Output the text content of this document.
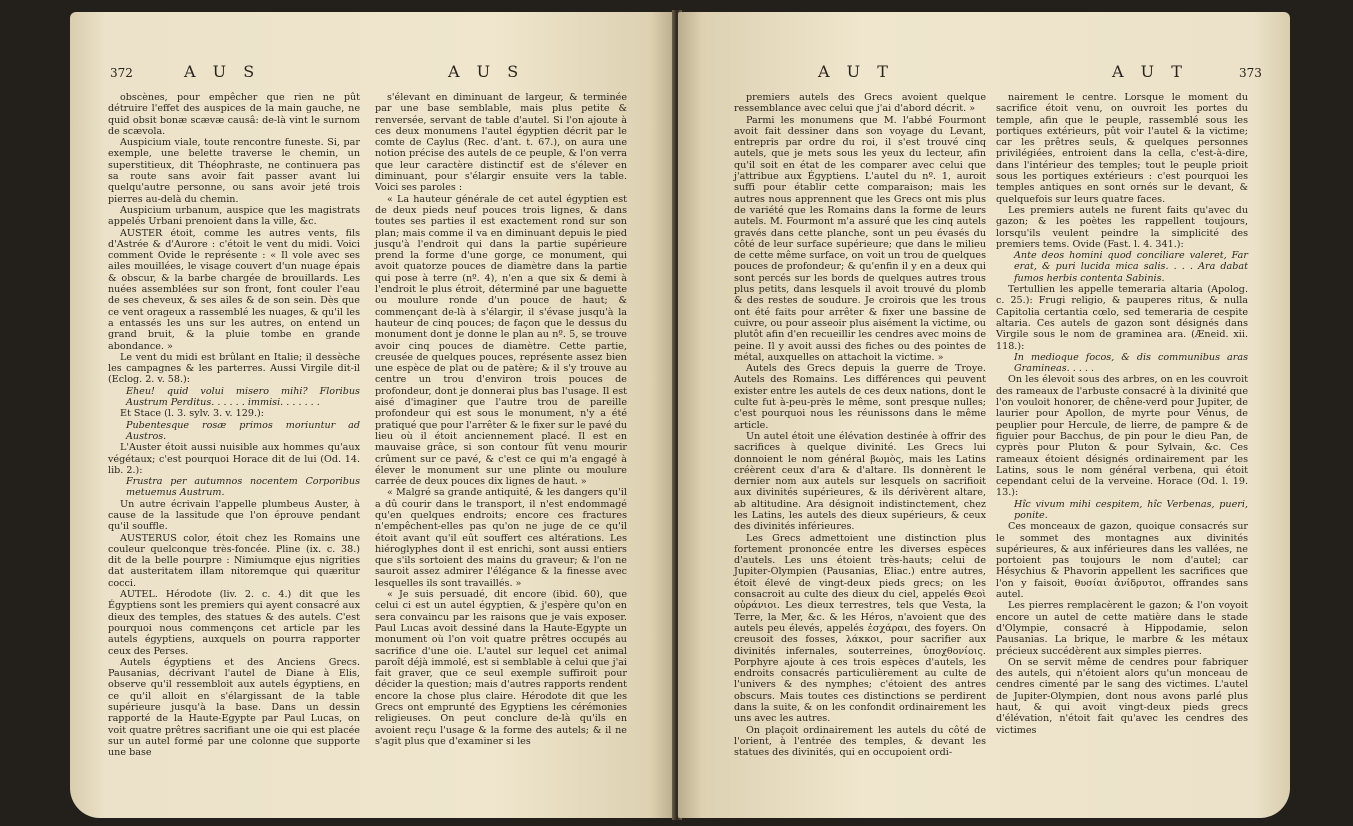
372	A U S	A U S

obscènes, pour empêcher que rien ne pût détruire l'effet des auspices de la main gauche, ne quid obsit bonæ scævæ causâ: de-là vint le surnom de scævola.

Auspicium viale, toute rencontre funeste. Si, par exemple, une belette traverse le chemin, un superstitieux, dit Théophraste, ne continuera pas sa route sans avoir fait passer avant lui quelqu'autre personne, ou sans avoir jeté trois pierres au-delà du chemin.

Auspicium urbanum, auspice que les magistrats appelés Urbani prenoient dans la ville, &c.

AUSTER étoit, comme les autres vents, fils d'Astrée & d'Aurore : c'étoit le vent du midi. Voici comment Ovide le représente : « Il vole avec ses ailes mouillées, le visage couvert d'un nuage épais & obscur, & la barbe chargée de brouillards. Les nuées assemblées sur son front, font couler l'eau de ses cheveux, & ses ailes & de son sein. Dès que ce vent orageux a rassemblé les nuages, & qu'il les a entassés les uns sur les autres, on entend un grand bruit, & la pluie tombe en grande abondance. »

Le vent du midi est brûlant en Italie; il dessèche les campagnes & les parterres. Aussi Virgile dit-il (Eclog. 2. v. 58.):

Eheu! quid volui misero mihi? Floribus Austrum Perditus. . . . . . immisi. . . . . . .

Et Stace (l. 3. sylv. 3. v. 129.):

Pubentesque rosæ primos moriuntur ad Austros.

L'Auster étoit aussi nuisible aux hommes qu'aux végétaux; c'est pourquoi Horace dit de lui (Od. 14. lib. 2.):

Frustra per autumnos nocentem Corporibus metuemus Austrum.

Un autre écrivain l'appelle plumbeus Auster, à cause de la lassitude que l'on éprouve pendant qu'il souffle.

AUSTERUS color, étoit chez les Romains une couleur quelconque très-foncée. Pline (ix. c. 38.) dit de la belle pourpre : Nimiumque ejus nigrities dat austeritatem illam nitoremque qui quæritur cocci.

AUTEL. Hérodote (liv. 2. c. 4.) dit que les Égyptiens sont les premiers qui ayent consacré aux dieux des temples, des statues & des autels. C'est pourquoi nous commençons cet article par les autels égyptiens, auxquels on pourra rapporter ceux des Perses.

Autels égyptiens et des Anciens Grecs. Pausanias, décrivant l'autel de Diane à Elis, observe qu'il ressembloit aux autels égyptiens, en ce qu'il alloit en s'élargissant de la table supérieure jusqu'à la base. Dans un dessin rapporté de la Haute-Egypte par Paul Lucas, on voit quatre prêtres sacrifiant une oie qui est placée sur un autel formé par une colonne que supporte une base

s'élevant en diminuant de largeur, & terminée par une base semblable, mais plus petite & renversée, servant de table d'autel. Si l'on ajoute à ces deux monumens l'autel égyptien décrit par le comte de Caylus (Rec. d'ant. t. 67.), on aura une notion précise des autels de ce peuple, & l'on verra que leur caractère distinctif est de s'élever en diminuant, pour s'élargir ensuite vers la table. Voici ses paroles :

« La hauteur générale de cet autel égyptien est de deux pieds neuf pouces trois lignes, & dans toutes ses parties il est exactement rond sur son plan; mais comme il va en diminuant depuis le pied jusqu'à l'endroit qui dans la partie supérieure prend la forme d'une gorge, ce monument, qui avoit quatorze pouces de diamètre dans la partie qui pose à terre (nº. 4), n'en a que six & demi à l'endroit le plus étroit, déterminé par une baguette ou moulure ronde d'un pouce de haut; & commençant de-là à s'élargir, il s'évase jusqu'à la hauteur de cinq pouces; de façon que le dessus du monument dont je donne le plan au nº. 5, se trouve avoir cinq pouces de diamètre. Cette partie, creusée de quelques pouces, représente assez bien une espèce de plat ou de patère; & il s'y trouve au centre un trou d'environ trois pouces de profondeur, dont je donnerai plus bas l'usage. Il est aisé d'imaginer que l'autre trou de pareille profondeur qui est sous le monument, n'y a été pratiqué que pour l'arrêter & le fixer sur le pavé du lieu où il étoit anciennement placé. Il est en mauvaise grâce, si son contour fût venu mourir crûment sur ce pavé, & c'est ce qui m'a engagé à élever le monument sur une plinte ou moulure carrée de deux pouces dix lignes de haut. »

« Malgré sa grande antiquité, & les dangers qu'il a dû courir dans le transport, il n'est endommagé qu'en quelques endroits; encore ces fractures n'empêchent-elles pas qu'on ne juge de ce qu'il étoit avant qu'il eût souffert ces altérations. Les hiéroglyphes dont il est enrichi, sont aussi entiers que s'ils sortoient des mains du graveur; & l'on ne sauroit assez admirer l'élégance & la finesse avec lesquelles ils sont travaillés. »

« Je suis persuadé, dit encore (ibid. 60), que celui ci est un autel égyptien, & j'espère qu'on en sera convaincu par les raisons que je vais exposer. Paul Lucas avoit dessiné dans la Haute-Egypte un monument où l'on voit quatre prêtres occupés au sacrifice d'une oie. L'autel sur lequel cet animal paroît déjà immolé, est si semblable à celui que j'ai fait graver, que ce seul exemple suffiroit pour décider la question; mais d'autres rapports rendent encore la chose plus claire. Hérodote dit que les Grecs ont emprunté des Egyptiens les cérémonies religieuses. On peut conclure de-là qu'ils en avoient reçu l'usage & la forme des autels; & il ne s'agit plus que d'examiner si les

A U T	A U T	373

premiers autels des Grecs avoient quelque ressemblance avec celui que j'ai d'abord décrit. »

Parmi les monumens que M. l'abbé Fourmont avoit fait dessiner dans son voyage du Levant, entrepris par ordre du roi, il s'est trouvé cinq autels, que je mets sous les yeux du lecteur, afin qu'il soit en état de les comparer avec celui que j'attribue aux Égyptiens. L'autel du nº. 1, auroit suffi pour établir cette comparaison; mais les autres nous apprennent que les Grecs ont mis plus de variété que les Romains dans la forme de leurs autels. M. Fourmont m'a assuré que les cinq autels gravés dans cette planche, sont un peu évasés du côté de leur surface supérieure; que dans le milieu de cette même surface, on voit un trou de quelques pouces de profondeur; & qu'enfin il y en a deux qui sont percés sur les bords de quelques autres trous plus petits, dans lesquels il avoit trouvé du plomb & des restes de soudure. Je croirois que les trous ont été faits pour arrêter & fixer une bassine de cuivre, ou pour asseoir plus aisément la victime, ou plutôt afin d'en recueillir les cendres avec moins de peine. Il y avoit aussi des fiches ou des pointes de métal, auxquelles on attachoit la victime. »

Autels des Grecs depuis la guerre de Troye. Autels des Romains. Les différences qui peuvent exister entre les autels de ces deux nations, dont le culte fut à-peu-près le même, sont presque nulles; c'est pourquoi nous les réunissons dans le même article.

Un autel étoit une élévation destinée à offrir des sacrifices à quelque divinité. Les Grecs lui donnoient le nom général βωμὸς, mais les Latins créèrent ceux d'ara & d'altare. Ils donnèrent le dernier nom aux autels sur lesquels on sacrifioit aux divinités supérieures, & ils dérivèrent altare, ab altitudine. Ara désignoit indistinctement, chez les Latins, les autels des dieux supérieurs, & ceux des divinités inférieures.

Les Grecs admettoient une distinction plus fortement prononcée entre les diverses espèces d'autels. Les uns étoient très-hauts; celui de Jupiter-Olympien (Pausanias, Eliac.) entre autres, étoit élevé de vingt-deux pieds grecs; on les consacroit au culte des dieux du ciel, appelés Θεοὶ οὐράνιοι. Les dieux terrestres, tels que Vesta, la Terre, la Mer, &c. & les Héros, n'avoient que des autels peu élevés, appelés ἐσχάραι, des foyers. On creusoit des fosses, λάκκοι, pour sacrifier aux divinités infernales, souterreines, ὑποχθονίοις. Porphyre ajoute à ces trois espèces d'autels, les endroits consacrés particulièrement au culte de l'univers & des nymphes; c'étoient des antres obscurs. Mais toutes ces distinctions se perdirent dans la suite, & on les confondit ordinairement les uns avec les autres.

On plaçoit ordinairement les autels du côté de l'orient, à l'entrée des temples, & devant les statues des divinités, qui en occupoient ordi-

nairement le centre. Lorsque le moment du sacrifice étoit venu, on ouvroit les portes du temple, afin que le peuple, rassemblé sous les portiques extérieurs, pût voir l'autel & la victime; car les prêtres seuls, & quelques personnes privilégiées, entroient dans la cella, c'est-à-dire, dans l'intérieur des temples; tout le peuple prioit sous les portiques extérieurs : c'est pourquoi les temples antiques en sont ornés sur le devant, & quelquefois sur leurs quatre faces.

Les premiers autels ne furent faits qu'avec du gazon; & les poètes les rappellent toujours, lorsqu'ils veulent peindre la simplicité des premiers tems. Ovide (Fast. l. 4. 341.):

Ante deos homini quod conciliare valeret, Far erat, & puri lucida mica salis. . . . Ara dabat fumos herbis contenta Sabinis.

Tertullien les appelle temeraria altaria (Apolog. c. 25.): Frugi religio, & pauperes ritus, & nulla Capitolia certantia cœlo, sed temeraria de cespite altaria. Ces autels de gazon sont désignés dans Virgile sous le nom de graminea ara. (Æneid. xii. 118.):

In medioque focos, & dis communibus aras Gramineas. . . . .

On les élevoit sous des arbres, on en les couvroit des rameaux de l'arbuste consacré à la divinité que l'on vouloit honorer, de chêne-verd pour Jupiter, de laurier pour Apollon, de myrte pour Vénus, de peuplier pour Hercule, de lierre, de pampre & de figuier pour Bacchus, de pin pour le dieu Pan, de cyprès pour Pluton & pour Sylvain, &c. Ces rameaux étoient désignés ordinairement par les Latins, sous le nom général verbena, qui étoit cependant celui de la verveine. Horace (Od. l. 19. 13.):

Hîc vivum mihi cespitem, hîc Verbenas, pueri, ponite.

Ces monceaux de gazon, quoique consacrés sur le sommet des montagnes aux divinités supérieures, & aux inférieures dans les vallées, ne portoient pas toujours le nom d'autel; car Hésychius & Phavorin appellent les sacrifices que l'on y faisoit, θυσίαι ἀνίδρυτοι, offrandes sans autel.

Les pierres remplacèrent le gazon; & l'on voyoit encore un autel de cette matière dans le stade d'Olympie, consacré à Hippodamie, selon Pausanias. La brique, le marbre & les métaux précieux succédèrent aux simples pierres.

On se servit même de cendres pour fabriquer des autels, qui n'étoient alors qu'un monceau de cendres cimenté par le sang des victimes. L'autel de Jupiter-Olympien, dont nous avons parlé plus haut, & qui avoit vingt-deux pieds grecs d'élévation, n'étoit fait qu'avec les cendres des victimes
